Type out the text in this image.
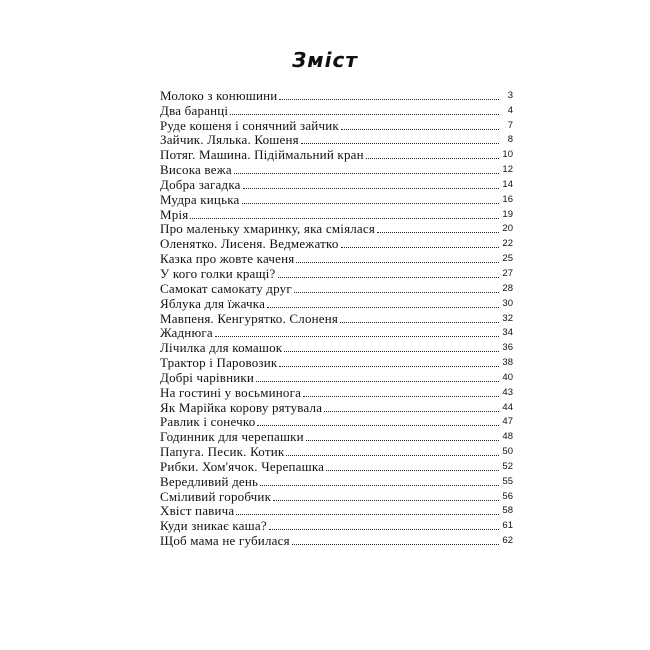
Зміст
Молоко з конюшини	3
Два баранці	4
Руде кошеня і сонячний зайчик	7
Зайчик. Лялька. Кошеня	8
Потяг. Машина. Підіймальний кран	10
Висока вежа	12
Добра загадка	14
Мудра кицька	16
Мрія	19
Про маленьку хмаринку, яка сміялася	20
Оленятко. Лисеня. Ведмежатко	22
Казка про жовте каченя	25
У кого голки кращі?	27
Самокат самокату друг	28
Яблука для їжачка	30
Мавпеня. Кенгурятко. Слоненя	32
Жаднюга	34
Лічилка для комашок	36
Трактор і Паровозик	38
Добрі чарівники	40
На гостині у восьминога	43
Як Марійка корову рятувала	44
Равлик і сонечко	47
Годинник для черепашки	48
Папуга. Песик. Котик	50
Рибки. Хом'ячок. Черепашка	52
Вередливий день	55
Сміливий горобчик	56
Хвіст павича	58
Куди зникає каша?	61
Щоб мама не губилася	62
